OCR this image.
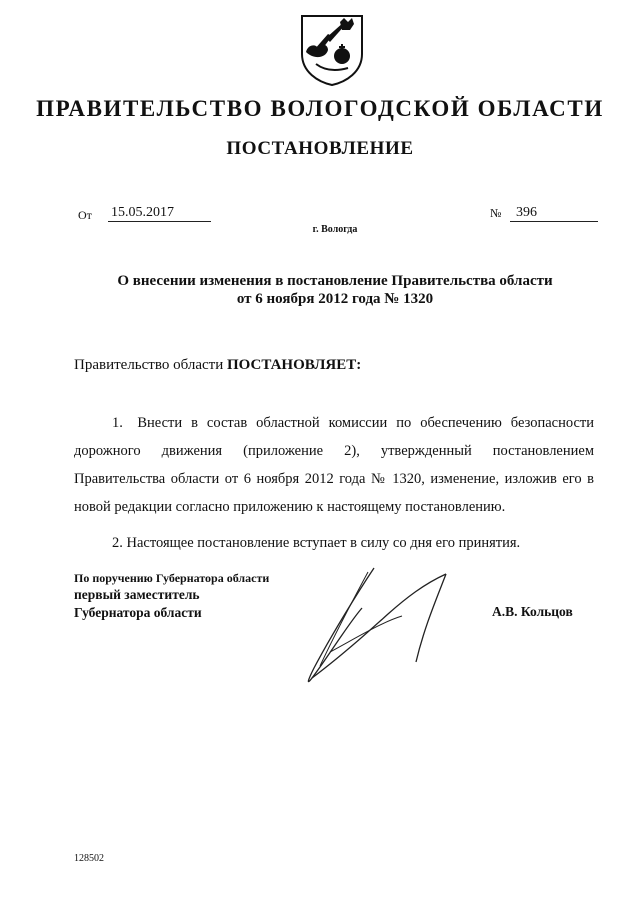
ПРАВИТЕЛЬСТВО ВОЛОГОДСКОЙ ОБЛАСТИ
ПОСТАНОВЛЕНИЕ
От 15.05.2017	№	396
г. Вологда
О внесении изменения в постановление Правительства области
от 6 ноября 2012 года № 1320
Правительство области ПОСТАНОВЛЯЕТ:

1. Внести в состав областной комиссии по обеспечению безопасности дорожного движения (приложение 2), утвержденный постановлением Правительства области от 6 ноября 2012 года № 1320, изменение, изложив его в новой редакции согласно приложению к настоящему постановлению.

2. Настоящее постановление вступает в силу со дня его принятия.

По поручению Губернатора области
первый заместитель
Губернатора области	А.В. Кольцов
128502
